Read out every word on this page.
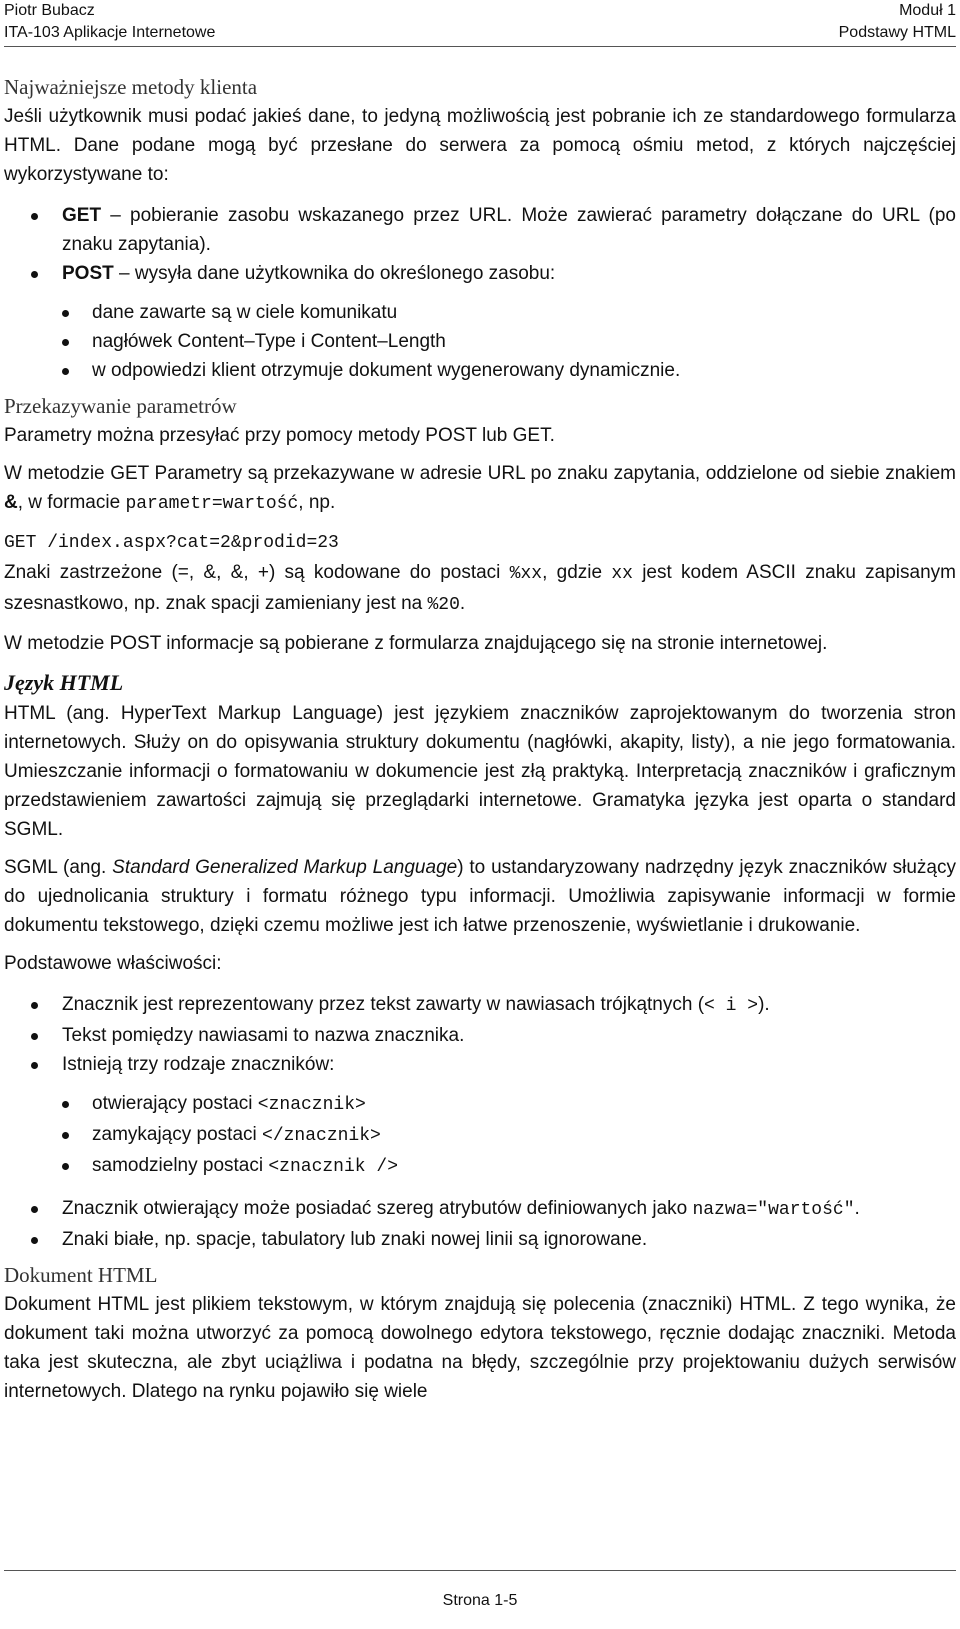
Piotr Bubacz

ITA-103 Aplikacje Internetowe

Moduł 1

Podstawy HTML

Najważniejsze metody klienta

Jeśli użytkownik musi podać jakieś dane, to jedyną możliwością jest pobranie ich ze standardowego formularza HTML. Dane podane mogą być przesłane do serwera za pomocą ośmiu metod, z których najczęściej wykorzystywane to:

GET – pobieranie zasobu wskazanego przez URL. Może zawierać parametry dołączane do URL (po znaku zapytania).
POST – wysyła dane użytkownika do określonego zasobu:
dane zawarte są w ciele komunikatu
nagłówek Content–Type i Content–Length
w odpowiedzi klient otrzymuje dokument wygenerowany dynamicznie.
Przekazywanie parametrów

Parametry można przesyłać przy pomocy metody POST lub GET.

W metodzie GET Parametry są przekazywane w adresie URL po znaku zapytania, oddzielone od siebie znakiem &, w formacie parametr=wartość, np.

GET /index.aspx?cat=2&prodid=23

Znaki zastrzeżone (=, &, &, +) są kodowane do postaci %xx, gdzie xx jest kodem ASCII znaku zapisanym szesnastkowo, np. znak spacji zamieniany jest na %20.

W metodzie POST informacje są pobierane z formularza znajdującego się na stronie internetowej.

Język HTML

HTML (ang. HyperText Markup Language) jest językiem znaczników zaprojektowanym do tworzenia stron internetowych. Służy on do opisywania struktury dokumentu (nagłówki, akapity, listy), a nie jego formatowania. Umieszczanie informacji o formatowaniu w dokumencie jest złą praktyką. Interpretacją znaczników i graficznym przedstawieniem zawartości zajmują się przeglądarki internetowe. Gramatyka języka jest oparta o standard SGML.

SGML (ang. Standard Generalized Markup Language) to ustandaryzowany nadrzędny język znaczników służący do ujednolicania struktury i formatu różnego typu informacji. Umożliwia zapisywanie informacji w formie dokumentu tekstowego, dzięki czemu możliwe jest ich łatwe przenoszenie, wyświetlanie i drukowanie.

Podstawowe właściwości:

Znacznik jest reprezentowany przez tekst zawarty w nawiasach trójkątnych (< i >).
Tekst pomiędzy nawiasami to nazwa znacznika.
Istnieją trzy rodzaje znaczników:
otwierający postaci <znacznik>
zamykający postaci </znacznik>
samodzielny postaci <znacznik />
Znacznik otwierający może posiadać szereg atrybutów definiowanych jako nazwa="wartość".
Znaki białe, np. spacje, tabulatory lub znaki nowej linii są ignorowane.
Dokument HTML

Dokument HTML jest plikiem tekstowym, w którym znajdują się polecenia (znaczniki) HTML. Z tego wynika, że dokument taki można utworzyć za pomocą dowolnego edytora tekstowego, ręcznie dodając znaczniki. Metoda taka jest skuteczna, ale zbyt uciążliwa i podatna na błędy, szczególnie przy projektowaniu dużych serwisów internetowych. Dlatego na rynku pojawiło się wiele

Strona 1-5
